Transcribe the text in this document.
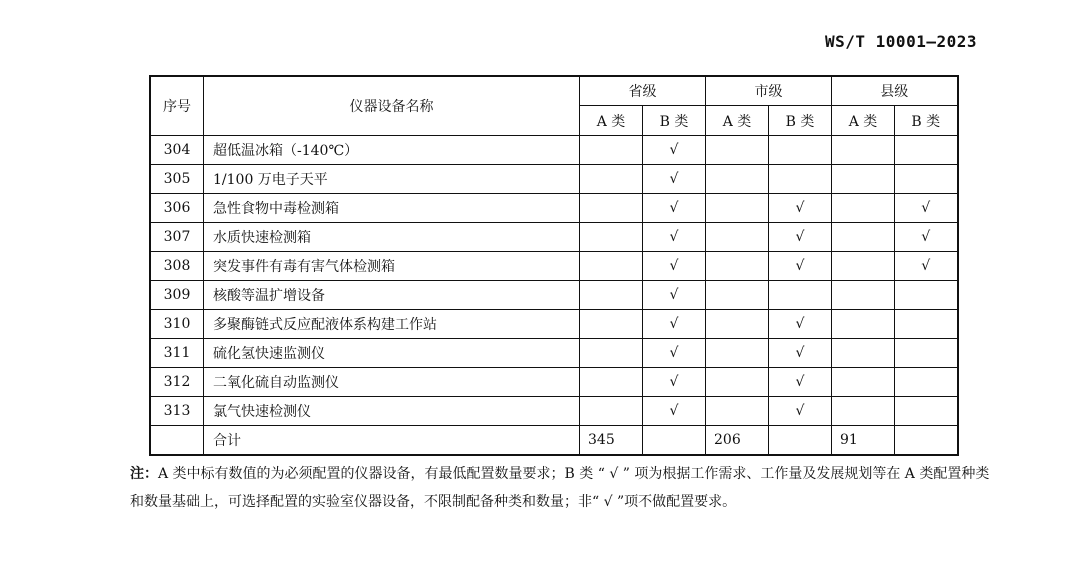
WS/T 10001—2023
序号	仪器设备名称	省级		市级		县级	
		A 类	B 类	A 类	B 类	A 类	B 类
304	超低温冰箱（-140℃）		√				
305	1/100 万电子天平		√				
306	急性食物中毒检测箱		√		√		√
307	水质快速检测箱		√		√		√
308	突发事件有毒有害气体检测箱		√		√		√
309	核酸等温扩增设备		√				
310	多聚酶链式反应配液体系构建工作站		√		√		
311	硫化氢快速监测仪		√		√		
312	二氧化硫自动监测仪		√		√		
313	氯气快速检测仪		√		√		
	合计	345		206		91	
注：A 类中标有数值的为必须配置的仪器设备，有最低配置数量要求；B 类 “ √ ” 项为根据工作需求、工作量及发展规划等在 A 类配置种类和数量基础上，可选择配置的实验室仪器设备，不限制配备种类和数量；非“ √ ”项不做配置要求。
